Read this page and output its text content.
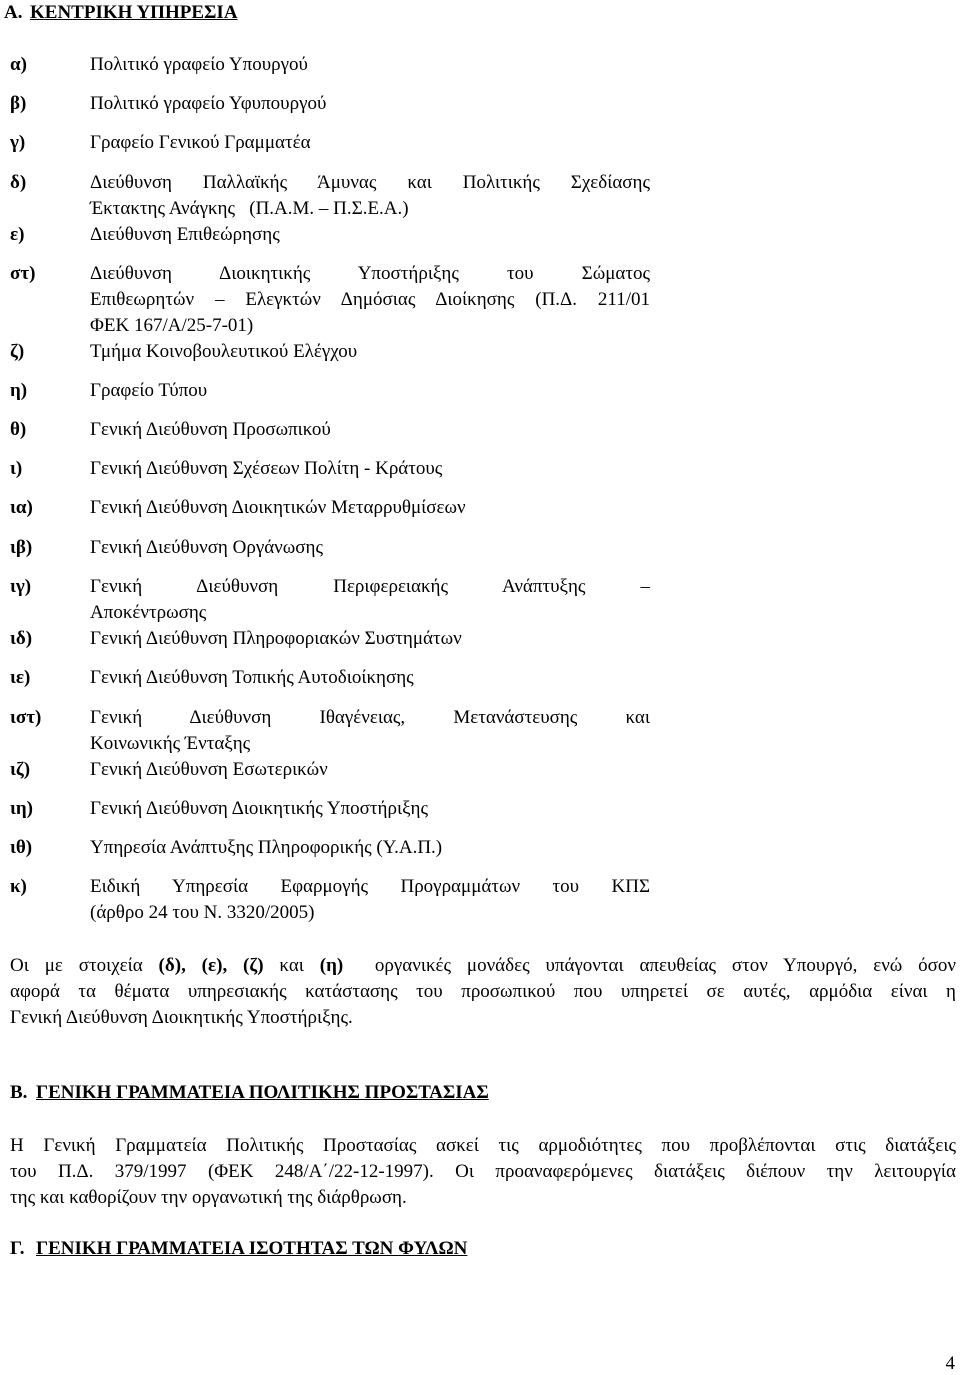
Α. ΚΕΝΤΡΙΚΗ ΥΠΗΡΕΣΙΑ
α)	Πολιτικό γραφείο Υπουργού
β)	Πολιτικό γραφείο Υφυπουργού
γ)	Γραφείο Γενικού Γραμματέα
δ)	Διεύθυνση Παλλαϊκής Άμυνας και Πολιτικής Σχεδίασης
Έκτακτης Ανάγκης   (Π.Α.Μ. – Π.Σ.Ε.Α.)
ε)	Διεύθυνση Επιθεώρησης
στ)	Διεύθυνση Διοικητικής Υποστήριξης του Σώματος
Επιθεωρητών – Ελεγκτών Δημόσιας Διοίκησης (Π.Δ. 211/01
ΦΕΚ 167/Α/25-7-01)
ζ)	Τμήμα Κοινοβουλευτικού Ελέγχου
η)	Γραφείο Τύπου
θ)	Γενική Διεύθυνση Προσωπικού
ι)	Γενική Διεύθυνση Σχέσεων Πολίτη - Κράτους
ια)	Γενική Διεύθυνση Διοικητικών Μεταρρυθμίσεων
ιβ)	Γενική Διεύθυνση Οργάνωσης
ιγ)	Γενική Διεύθυνση Περιφερειακής Ανάπτυξης –
Αποκέντρωσης
ιδ)	Γενική Διεύθυνση Πληροφοριακών Συστημάτων
ιε)	Γενική Διεύθυνση Τοπικής Αυτοδιοίκησης
ιστ)	Γενική Διεύθυνση Ιθαγένειας, Μετανάστευσης και
Κοινωνικής Ένταξης
ιζ)	Γενική Διεύθυνση Εσωτερικών
ιη)	Γενική Διεύθυνση Διοικητικής Υποστήριξης
ιθ)	Υπηρεσία Ανάπτυξης Πληροφορικής (Υ.Α.Π.)
κ)	Ειδική Υπηρεσία Εφαρμογής Προγραμμάτων του ΚΠΣ
(άρθρο 24 του Ν. 3320/2005)
Οι με στοιχεία (δ), (ε), (ζ) και (η)  οργανικές μονάδες υπάγονται απευθείας στον Υπουργό, ενώ όσον
αφορά τα θέματα υπηρεσιακής κατάστασης του προσωπικού που υπηρετεί σε αυτές, αρμόδια είναι η
Γενική Διεύθυνση Διοικητικής Υποστήριξης.
Β. ΓΕΝΙΚΗ ΓΡΑΜΜΑΤΕΙΑ ΠΟΛΙΤΙΚΗΣ ΠΡΟΣΤΑΣΙΑΣ
Η Γενική Γραμματεία Πολιτικής Προστασίας ασκεί τις αρμοδιότητες που προβλέπονται στις διατάξεις
του Π.Δ. 379/1997 (ΦΕΚ 248/Α΄/22-12-1997). Οι προαναφερόμενες διατάξεις διέπουν την λειτουργία
της και καθορίζουν την οργανωτική της διάρθρωση.
Γ. ΓΕΝΙΚΗ ΓΡΑΜΜΑΤΕΙΑ ΙΣΟΤΗΤΑΣ ΤΩΝ ΦΥΛΩΝ
4
